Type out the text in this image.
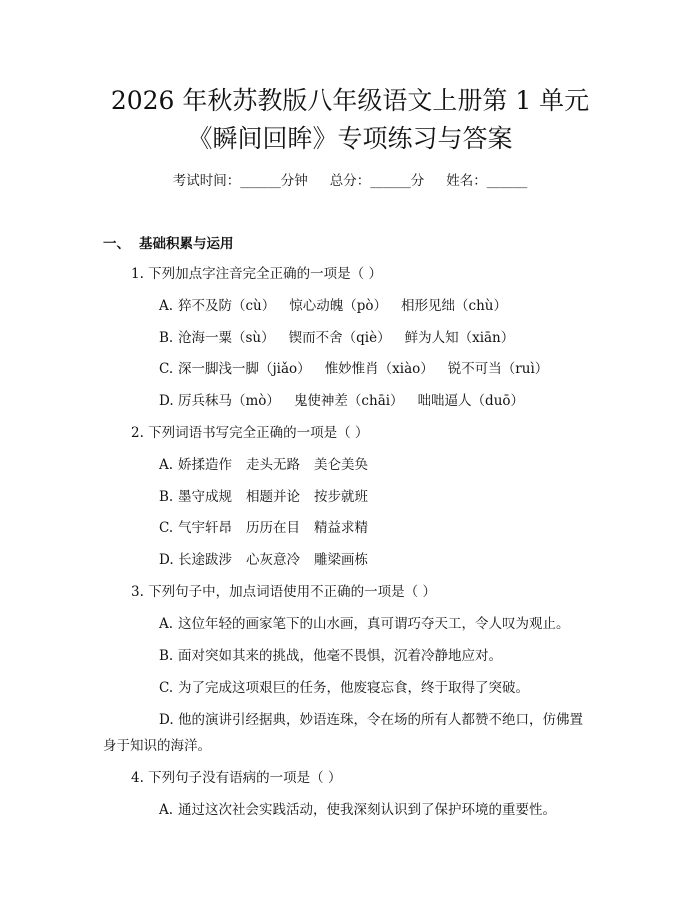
2026 年秋苏教版八年级语文上册第 1 单元
《瞬间回眸》专项练习与答案
考试时间：______分钟 总分：______分 姓名：______
一、 基础积累与运用
1. 下列加点字注音完全正确的一项是（ ）
A. 猝不及防（cù） 惊心动魄（pò） 相形见绌（chù）
B. 沧海一粟（sù） 锲而不舍（qiè） 鲜为人知（xiān）
C. 深一脚浅一脚（jiǎo） 惟妙惟肖（xiào） 锐不可当（ruì）
D. 厉兵秣马（mò） 鬼使神差（chāi） 咄咄逼人（duō）
2. 下列词语书写完全正确的一项是（ ）
A. 娇揉造作 走头无路 美仑美奂
B. 墨守成规 相题并论 按步就班
C. 气宇轩昂 历历在目 精益求精
D. 长途跋涉 心灰意冷 雕梁画栋
3. 下列句子中，加点词语使用不正确的一项是（ ）
A. 这位年轻的画家笔下的山水画，真可谓巧夺天工，令人叹为观止。
B. 面对突如其来的挑战，他毫不畏惧，沉着冷静地应对。
C. 为了完成这项艰巨的任务，他废寝忘食，终于取得了突破。
D. 他的演讲引经据典，妙语连珠，令在场的所有人都赞不绝口，仿佛置
身于知识的海洋。
4. 下列句子没有语病的一项是（ ）
A. 通过这次社会实践活动，使我深刻认识到了保护环境的重要性。
